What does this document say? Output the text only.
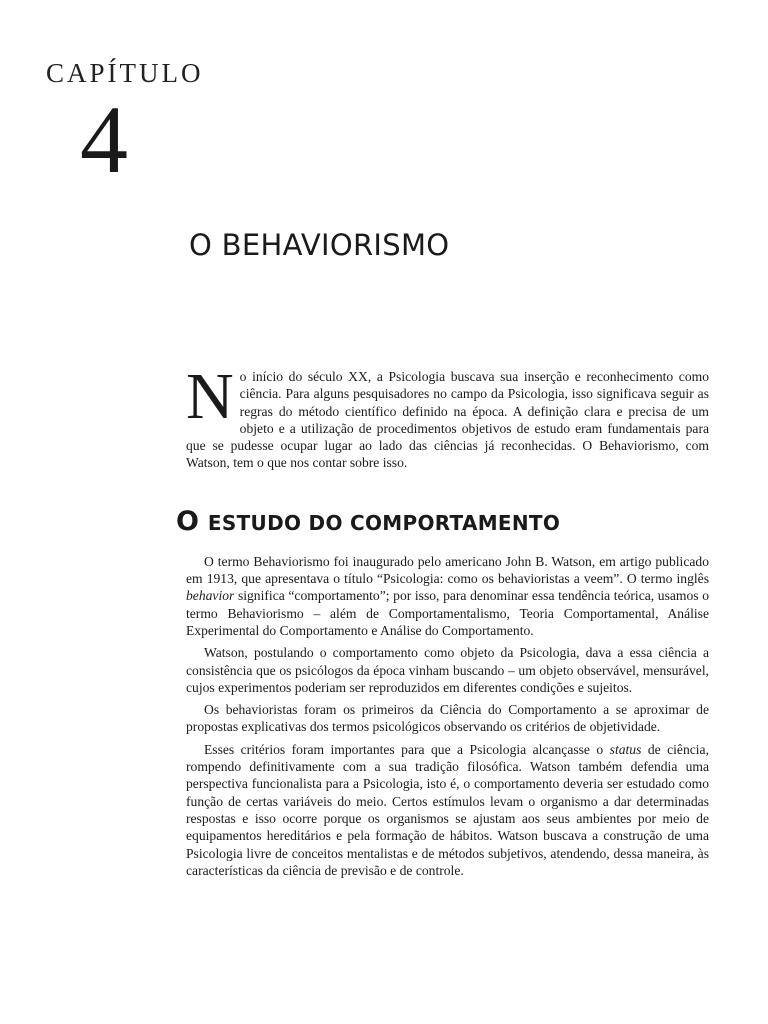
CAPÍTULO
4
O BEHAVIORISMO

No início do século XX, a Psicologia buscava sua inserção e reconhecimento como ciência. Para alguns pesquisadores no campo da Psicologia, isso significava seguir as regras do método científico definido na época. A definição clara e precisa de um objeto e a utilização de procedimentos objetivos de estudo eram fundamentais para que se pudesse ocupar lugar ao lado das ciências já reconhecidas. O Behaviorismo, com Watson, tem o que nos contar sobre isso.

O ESTUDO DO COMPORTAMENTO

O termo Behaviorismo foi inaugurado pelo americano John B. Watson, em artigo publicado em 1913, que apresentava o título “Psicologia: como os behavioristas a veem”. O termo inglês behavior significa “comportamento”; por isso, para denominar essa tendência teórica, usamos o termo Behaviorismo – além de Comportamentalismo, Teoria Comportamental, Análise Experimental do Comportamento e Análise do Comportamento.

Watson, postulando o comportamento como objeto da Psicologia, dava a essa ciência a consistência que os psicólogos da época vinham buscando – um objeto observável, mensurável, cujos experimentos poderiam ser reproduzidos em diferentes condições e sujeitos.

Os behavioristas foram os primeiros da Ciência do Comportamento a se aproximar de propostas explicativas dos termos psicológicos observando os critérios de objetividade.

Esses critérios foram importantes para que a Psicologia alcançasse o status de ciência, rompendo definitivamente com a sua tradição filosófica. Watson também defendia uma perspectiva funcionalista para a Psicologia, isto é, o comportamento deveria ser estudado como função de certas variáveis do meio. Certos estímulos levam o organismo a dar determinadas respostas e isso ocorre porque os organismos se ajustam aos seus ambientes por meio de equipamentos hereditários e pela formação de hábitos. Watson buscava a construção de uma Psicologia livre de conceitos mentalistas e de métodos subjetivos, atendendo, dessa maneira, às características da ciência de previsão e de controle.
